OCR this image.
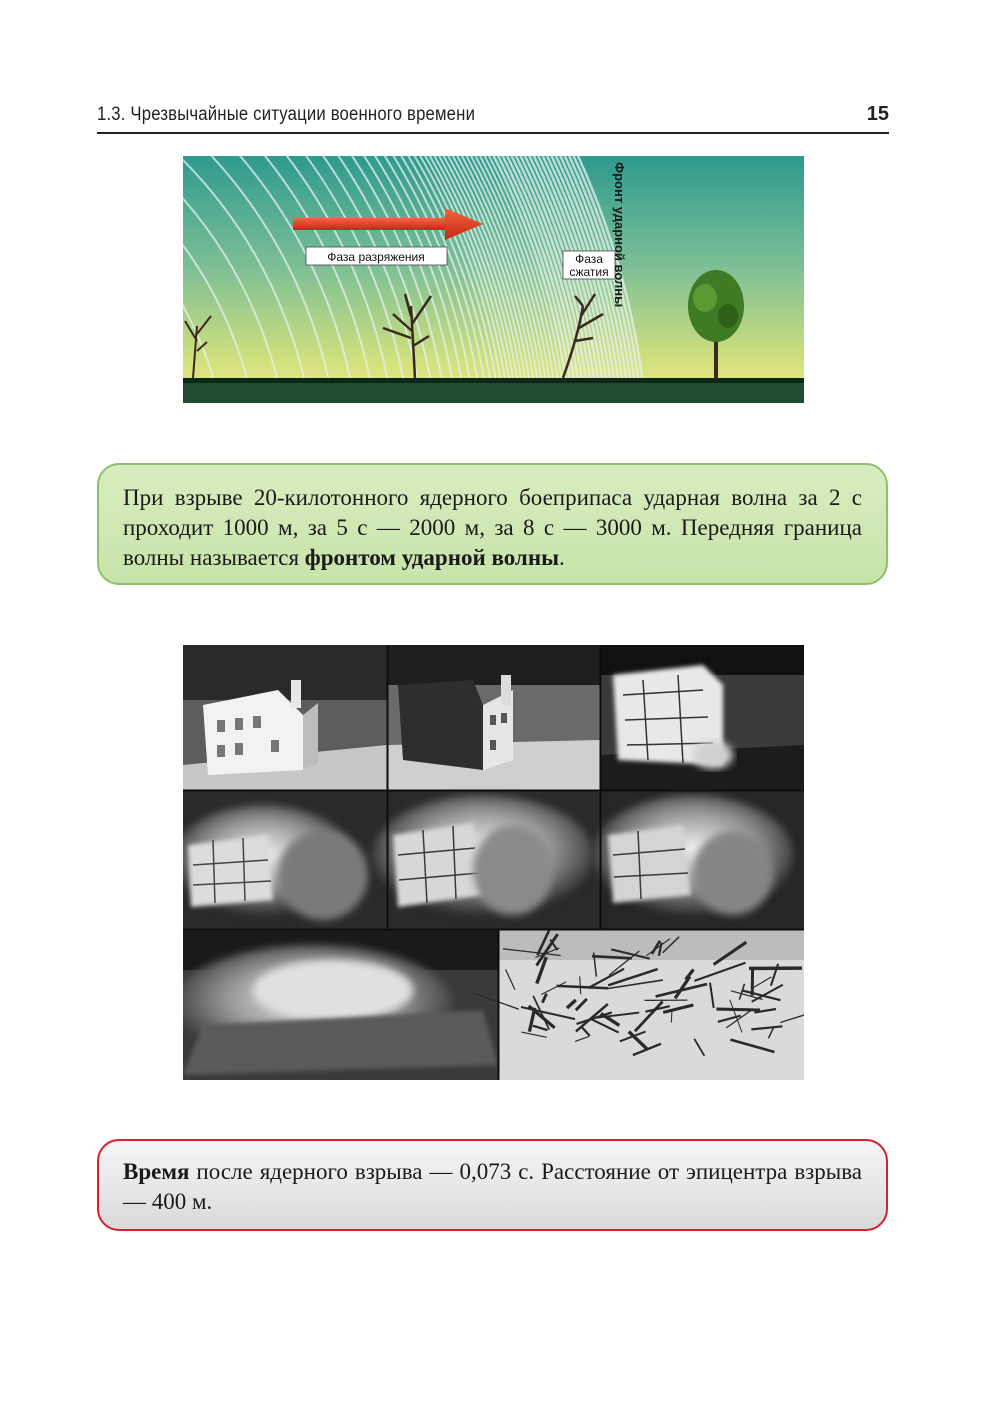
1.3. Чрезвычайные ситуации военного времени	15
Фаза разряжения	Фаза
сжатия Фронт ударной волны

При взрыве 20-килотонного ядерного боеприпаса ударная волна за 2 с проходит 1000 м, за 5 с — 2000 м, за 8 с — 3000 м. Передняя граница волны называется фронтом ударной волны.

Время после ядерного взрыва — 0,073 с. Расстояние от эпицентра взрыва — 400 м.
